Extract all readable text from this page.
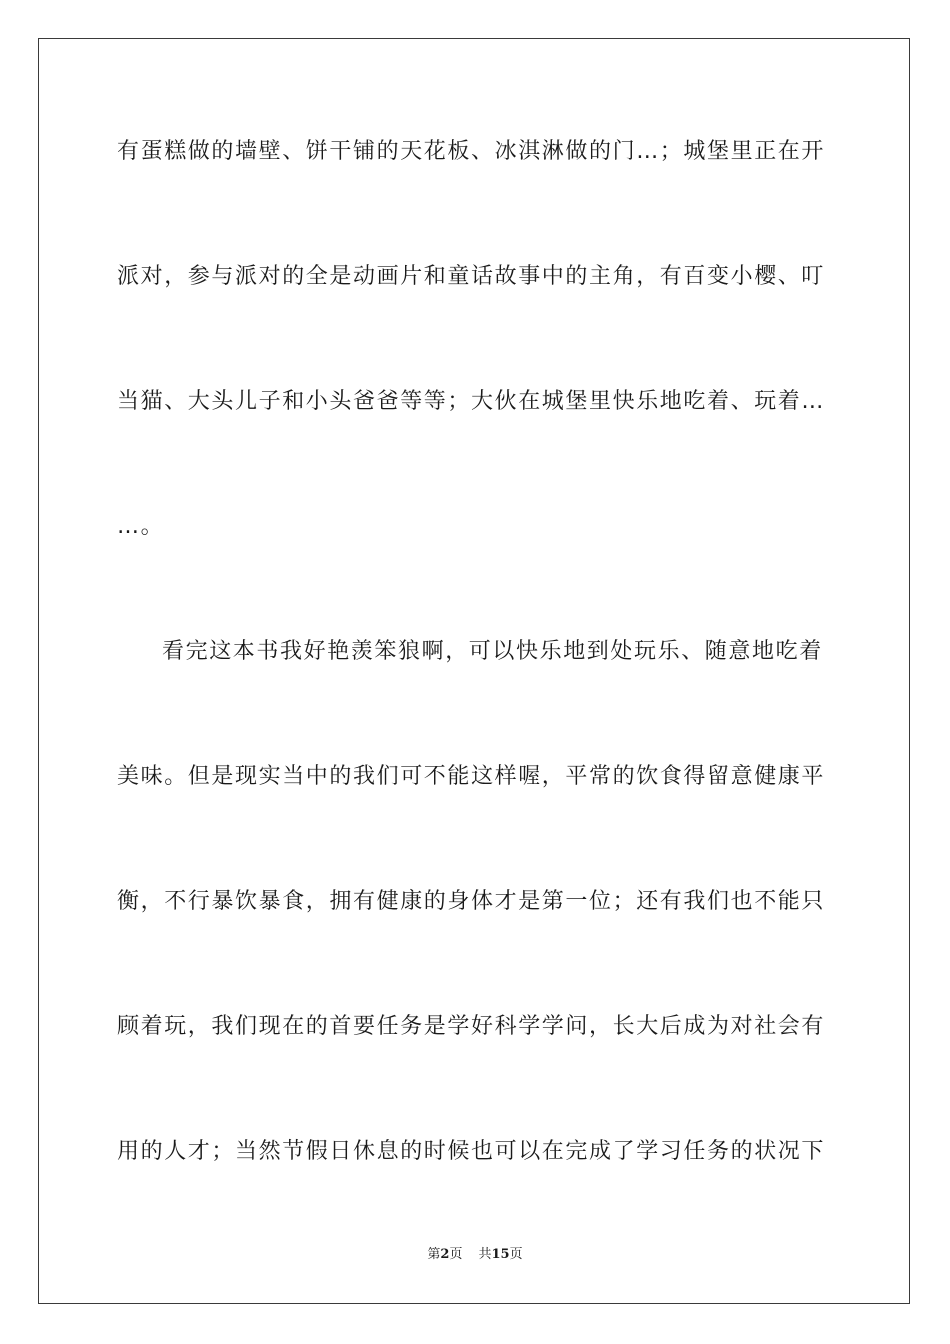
有蛋糕做的墙壁、饼干铺的天花板、冰淇淋做的门…；城堡里正在开
派对，参与派对的全是动画片和童话故事中的主角，有百变小樱、叮
当猫、大头儿子和小头爸爸等等；大伙在城堡里快乐地吃着、玩着…
…。
看完这本书我好艳羡笨狼啊，可以快乐地到处玩乐、随意地吃着
美味。但是现实当中的我们可不能这样喔，平常的饮食得留意健康平
衡，不行暴饮暴食，拥有健康的身体才是第一位；还有我们也不能只
顾着玩，我们现在的首要任务是学好科学学问，长大后成为对社会有
用的人才；当然节假日休息的时候也可以在完成了学习任务的状况下
第2页 共15页
